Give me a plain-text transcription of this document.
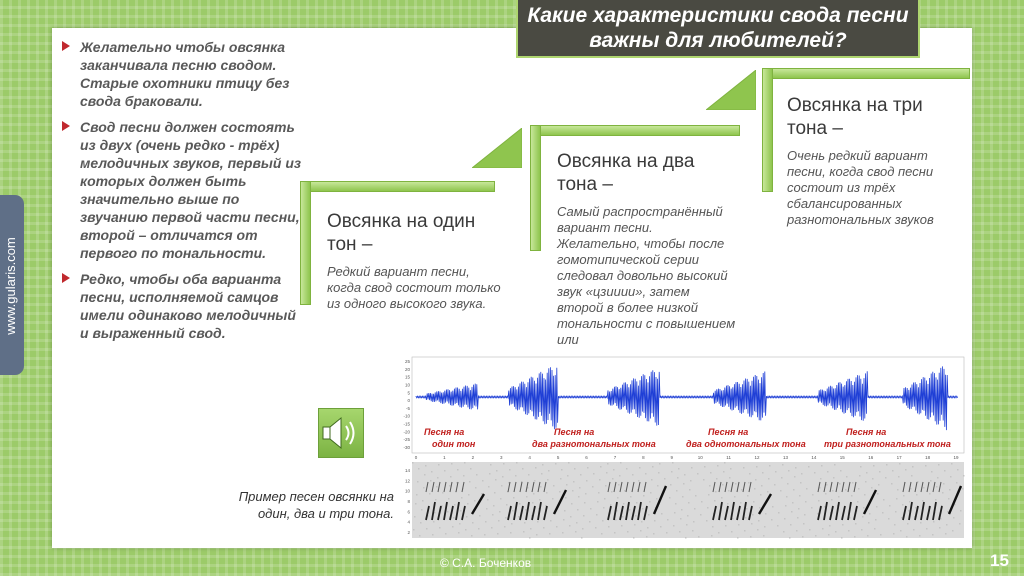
www.gularis.com
Какие характеристики свода песни важны для любителей?
Желательно чтобы овсянка заканчивала песню сводом. Старые охотники птицу без свода браковали.
Свод песни должен состоять из двух (очень редко - трёх) мелодичных звуков, первый из которых должен быть значительно выше по звучанию первой части песни, второй – отличатся от первого по тональности.
Редко, чтобы оба варианта песни, исполняемой самцов имели одинаково мелодичный и выраженный свод.
Овсянка на один тон –
Редкий вариант песни, когда свод состоит только из одного высокого звука.
Овсянка на два тона –
Самый распространённый вариант песни. Желательно, чтобы после гомотипической серии следовал довольно высокий звук «цзииии», затем второй в более низкой тональности с повышением или
Овсянка на три тона –
Очень редкий вариант песни, когда свод песни состоит из трёх сбалансированных разнотональных звуков
25
20
15
10
5
0
-5
-10
-15
-20
-25
-30
0	1	2	3	4	5	6	7	8	9	10	11	12	13	14	15	16	17	18	19
Песня на один тон
Песня на два разнотональных тона
Песня на два однотональных тона
Песня на три разнотональных тона
14
12
10
8
6
4
2
Пример песен овсянки на один, два и три тона.
© С.А. Боченков	15
